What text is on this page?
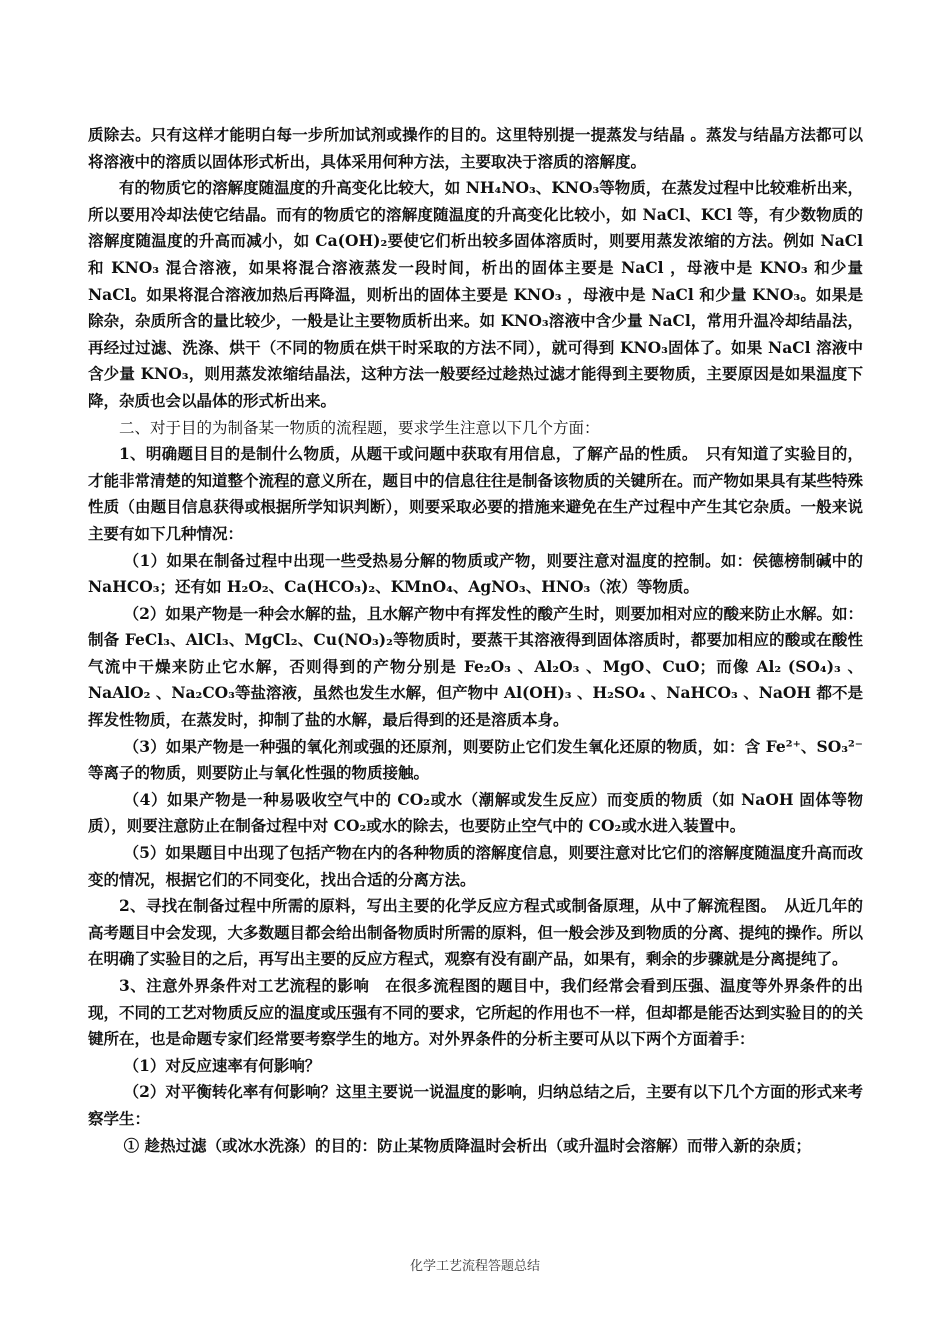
质除去。只有这样才能明白每一步所加试剂或操作的目的。这里特别提一提蒸发与结晶 。蒸发与结晶方法都可以将溶液中的溶质以固体形式析出，具体采用何种方法，主要取决于溶质的溶解度。

有的物质它的溶解度随温度的升高变化比较大，如 NH₄NO₃、KNO₃等物质，在蒸发过程中比较难析出来，所以要用冷却法使它结晶。而有的物质它的溶解度随温度的升高变化比较小，如 NaCl、KCl 等，有少数物质的溶解度随温度的升高而减小，如 Ca(OH)₂要使它们析出较多固体溶质时，则要用蒸发浓缩的方法。例如 NaCl 和 KNO₃ 混合溶液，如果将混合溶液蒸发一段时间，析出的固体主要是 NaCl ，母液中是 KNO₃ 和少量 NaCl。如果将混合溶液加热后再降温，则析出的固体主要是 KNO₃ ，母液中是 NaCl 和少量 KNO₃。如果是除杂，杂质所含的量比较少，一般是让主要物质析出来。如 KNO₃溶液中含少量 NaCl，常用升温冷却结晶法，再经过过滤、洗涤、烘干（不同的物质在烘干时采取的方法不同），就可得到 KNO₃固体了。如果 NaCl 溶液中含少量 KNO₃，则用蒸发浓缩结晶法，这种方法一般要经过趁热过滤才能得到主要物质，主要原因是如果温度下降，杂质也会以晶体的形式析出来。

二、对于目的为制备某一物质的流程题，要求学生注意以下几个方面：

1、明确题目目的是制什么物质，从题干或问题中获取有用信息，了解产品的性质。　只有知道了实验目的，才能非常清楚的知道整个流程的意义所在，题目中的信息往往是制备该物质的关键所在。而产物如果具有某些特殊性质（由题目信息获得或根据所学知识判断），则要采取必要的措施来避免在生产过程中产生其它杂质。一般来说主要有如下几种情况：

（1）如果在制备过程中出现一些受热易分解的物质或产物，则要注意对温度的控制。如：侯德榜制碱中的 NaHCO₃；还有如 H₂O₂、Ca(HCO₃)₂、KMnO₄、AgNO₃、HNO₃（浓）等物质。

（2）如果产物是一种会水解的盐，且水解产物中有挥发性的酸产生时，则要加相对应的酸来防止水解。如：制备 FeCl₃、AlCl₃、MgCl₂、Cu(NO₃)₂等物质时，要蒸干其溶液得到固体溶质时，都要加相应的酸或在酸性气流中干燥来防止它水解，否则得到的产物分别是 Fe₂O₃ 、Al₂O₃ 、MgO、CuO；而像 Al₂ (SO₄)₃ 、NaAlO₂ 、Na₂CO₃等盐溶液，虽然也发生水解，但产物中 Al(OH)₃ 、H₂SO₄ 、NaHCO₃ 、NaOH 都不是挥发性物质，在蒸发时，抑制了盐的水解，最后得到的还是溶质本身。

（3）如果产物是一种强的氧化剂或强的还原剂，则要防止它们发生氧化还原的物质，如：含 Fe²⁺、SO₃²⁻等离子的物质，则要防止与氧化性强的物质接触。

（4）如果产物是一种易吸收空气中的 CO₂或水（潮解或发生反应）而变质的物质（如 NaOH 固体等物质），则要注意防止在制备过程中对 CO₂或水的除去，也要防止空气中的 CO₂或水进入装置中。

（5）如果题目中出现了包括产物在内的各种物质的溶解度信息，则要注意对比它们的溶解度随温度升高而改变的情况，根据它们的不同变化，找出合适的分离方法。

2、寻找在制备过程中所需的原料，写出主要的化学反应方程式或制备原理，从中了解流程图。　从近几年的高考题目中会发现，大多数题目都会给出制备物质时所需的原料，但一般会涉及到物质的分离、提纯的操作。所以在明确了实验目的之后，再写出主要的反应方程式，观察有没有副产品，如果有，剩余的步骤就是分离提纯了。

3、注意外界条件对工艺流程的影响　在很多流程图的题目中，我们经常会看到压强、温度等外界条件的出现，不同的工艺对物质反应的温度或压强有不同的要求，它所起的作用也不一样，但却都是能否达到实验目的的关键所在，也是命题专家们经常要考察学生的地方。对外界条件的分析主要可从以下两个方面着手：

（1）对反应速率有何影响？

（2）对平衡转化率有何影响？这里主要说一说温度的影响，归纳总结之后，主要有以下几个方面的形式来考察学生：

① 趁热过滤（或冰水洗涤）的目的：防止某物质降温时会析出（或升温时会溶解）而带入新的杂质；

化学工艺流程答题总结
